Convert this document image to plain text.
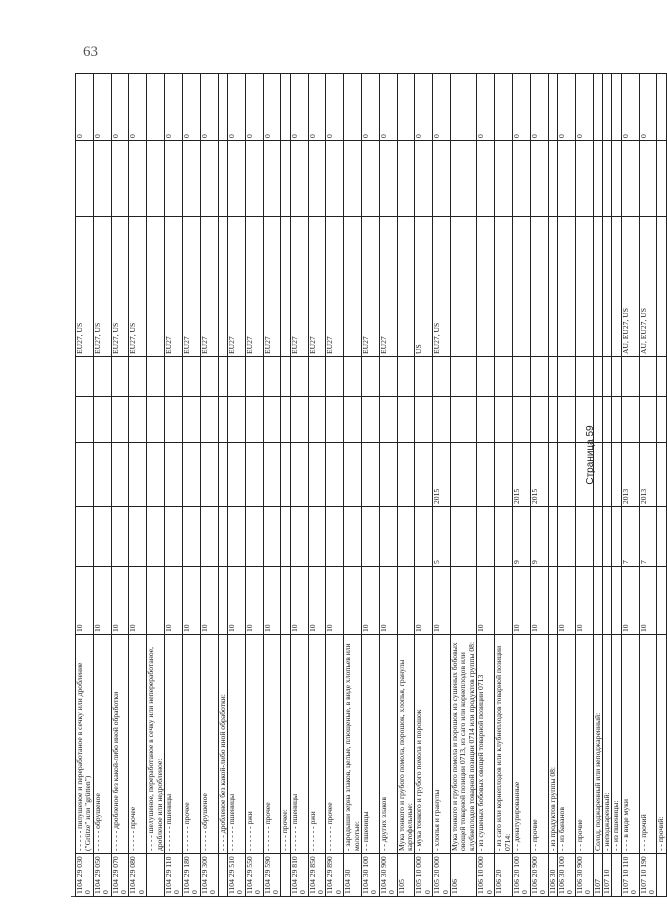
1104 29 030 0	- - - - - пилушеное и переработаное в сечку или дробление ("Grütze" или "grütten")	10					EU27, US		0
1104 29 050 0	- - - - - обрушеное	10					EU27, US		0
1104 29 070 0	- - - - - дробленое без какой-либо иной обработки	10					EU27, US		0
1104 29 080 0	- - - - - прочее	10					EU27, US		0
	- - - - шелушеное, переработаное в сечку или непереработаное, дробленое или недробленое:								
1104 29 110 0	- - - - - - пшеницы	10					EU27		0
1104 29 180 0	- - - - - - прочее	10					EU27		0
1104 29 300 0	- - - - - обрушеное	10					EU27		0
	- - - - дробленое без какой-либо иной обработки:								
1104 29 510 0	- - - - - - пшеницы	10					EU27		0
1104 29 550 0	- - - - - - ржи	10					EU27		0
1104 29 590 0	- - - - - - прочее	10					EU27		0
	- - - - прочее:								
1104 29 810 0	- - - - - - пшеницы	10					EU27		0
1104 29 850 0	- - - - - - ржи	10					EU27		0
1104 29 890 0	- - - - - - прочее	10					EU27		0
1104 30	- зародыши зерна злаков, целые, плющеные, в виде хлопьев или молотые:								
1104 30 100 0	- - пшеницы	10					EU27		0
1104 30 900 0	- - других злаков	10					EU27		0
1105	Мука тонкого и грубого помола, порошок, хлопья, гранулы картофельные:								
1105 10 000 0	- мука тонкого и грубого помола и порошок	10					US		0
1105 20 000 0	- хлопья и гранулы	10	5	2015			EU27, US		0
1106	Мука тонкого и грубого помола и порошок из сушеных бобовых овощей товарной позиции 0713, из саго или корнеплодов или клубнеплодов товарной позиции 0714 или продуктов группы 08:								
1106 10 000 0	- из сушеных бобовых овощей товарной позиции 0713	10							0
1106 20	- из саго или корнеплодов или клубнеплодов товарной позиции 0714:								
1106 20 100 0	- - денатурированные	10	9	2015					0
1106 20 900 0	- - прочие	10	9	2015					0
1106 30	- из продуктов группы 08:								
1106 30 100 0	- - из бананов	10							0
1106 30 900 0	- - прочие	10							0
1107	Солод, поджаренный или неподжаренный:								
1107 10	- неподжаренный:								
	- - из пшеницы:								
1107 10 110 0	- - - в виде муки	10	7	2013			AU, EU27, US		0
1107 10 190 0	- - - прочий	10	7	2013			AU, EU27, US		0
	- - прочий:								
Страница 59
63
